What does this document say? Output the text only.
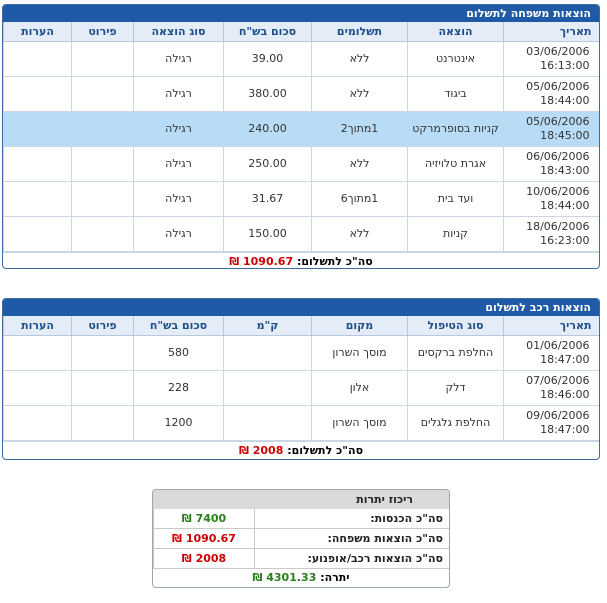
הוצאות משפחה לתשלום
תאריך	הוצאה	תשלומים	סכום בש"ח	סוג הוצאה	פירוט	הערות
03/06/2006
16:13:00	אינטרנט	ללא	39.00	רגילה		
05/06/2006
18:44:00	ביגוד	ללא	380.00	רגילה		
05/06/2006
18:45:00	קניות בסופרמרקט	1מתוך2	240.00	רגילה		
06/06/2006
18:43:00	אגרת טלויזיה	ללא	250.00	רגילה		
10/06/2006
18:44:00	ועד בית	1מתוך6	31.67	רגילה		
18/06/2006
16:23:00	קניות	ללא	150.00	רגילה		
סה"כ לתשלום: 1090.67 ₪
הוצאות רכב לתשלום
תאריך	סוג הטיפול	מקום	ק"מ	סכום בש"ח	פירוט	הערות
01/06/2006
18:47:00	החלפת ברקסים	מוסך השרון		580		
07/06/2006
18:46:00	דלק	אלון		228		
09/06/2006
18:47:00	החלפת גלגלים	מוסך השרון		1200		
סה"כ לתשלום: 2008 ₪
ריכוז יתרות
סה"כ הכנסות:	7400 ₪
סה"כ הוצאות משפחה:	1090.67 ₪
סה"כ הוצאות רכב/אופנוע:	2008 ₪
יתרה: 4301.33 ₪
